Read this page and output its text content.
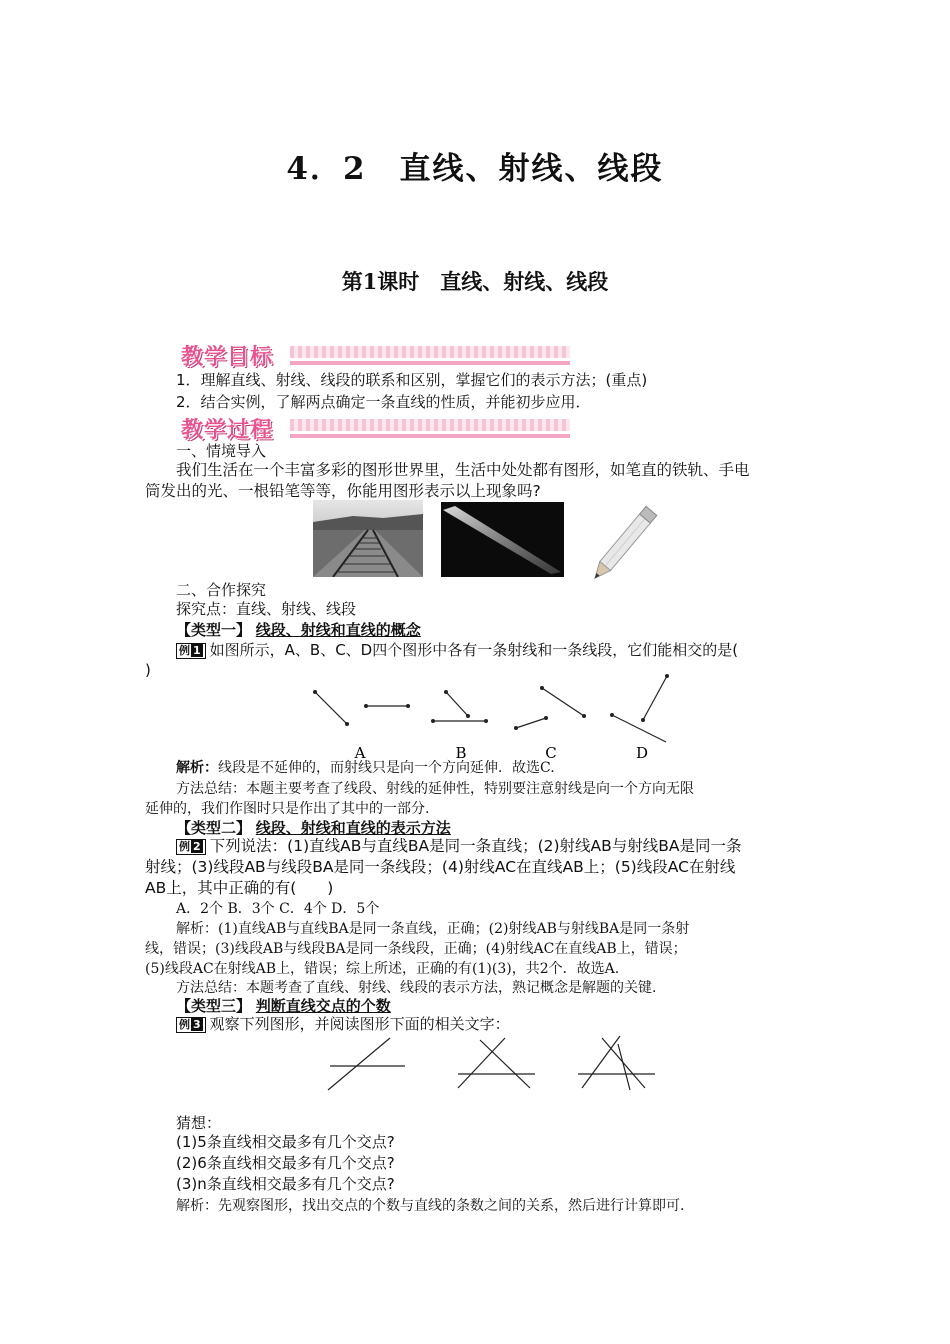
4．2　直线、射线、线段
第1课时　直线、射线、线段
教学目标
1．理解直线、射线、线段的联系和区别，掌握它们的表示方法；(重点)
2．结合实例，了解两点确定一条直线的性质，并能初步应用．
教学过程
一、情境导入
我们生活在一个丰富多彩的图形世界里，生活中处处都有图形，如笔直的铁轨、手电
筒发出的光、一根铅笔等等，你能用图形表示以上现象吗?
二、合作探究
探究点：直线、射线、线段
【类型一】 线段、射线和直线的概念
例 1 如图所示，A、B、C、D四个图形中各有一条射线和一条线段，它们能相交的是(
)
A	B	C	D
解析：线段是不延伸的，而射线只是向一个方向延伸．故选C.
方法总结：本题主要考查了线段、射线的延伸性，特别要注意射线是向一个方向无限
延伸的，我们作图时只是作出了其中的一部分.
【类型二】 线段、射线和直线的表示方法
例 2 下列说法：(1)直线AB与直线BA是同一条直线；(2)射线AB与射线BA是同一条
射线；(3)线段AB与线段BA是同一条线段；(4)射线AC在直线AB上；(5)线段AC在射线
AB上，其中正确的有(　　)
A．2个 B．3个 C．4个 D．5个
解析：(1)直线AB与直线BA是同一条直线，正确；(2)射线AB与射线BA是同一条射
线，错误；(3)线段AB与线段BA是同一条线段，正确；(4)射线AC在直线AB上，错误；
(5)线段AC在射线AB上，错误；综上所述，正确的有(1)(3)，共2个．故选A.
方法总结：本题考查了直线、射线、线段的表示方法，熟记概念是解题的关键.
【类型三】 判断直线交点的个数
例 3 观察下列图形，并阅读图形下面的相关文字：
猜想：
(1)5条直线相交最多有几个交点?
(2)6条直线相交最多有几个交点?
(3)n条直线相交最多有几个交点?
解析：先观察图形，找出交点的个数与直线的条数之间的关系，然后进行计算即可.
